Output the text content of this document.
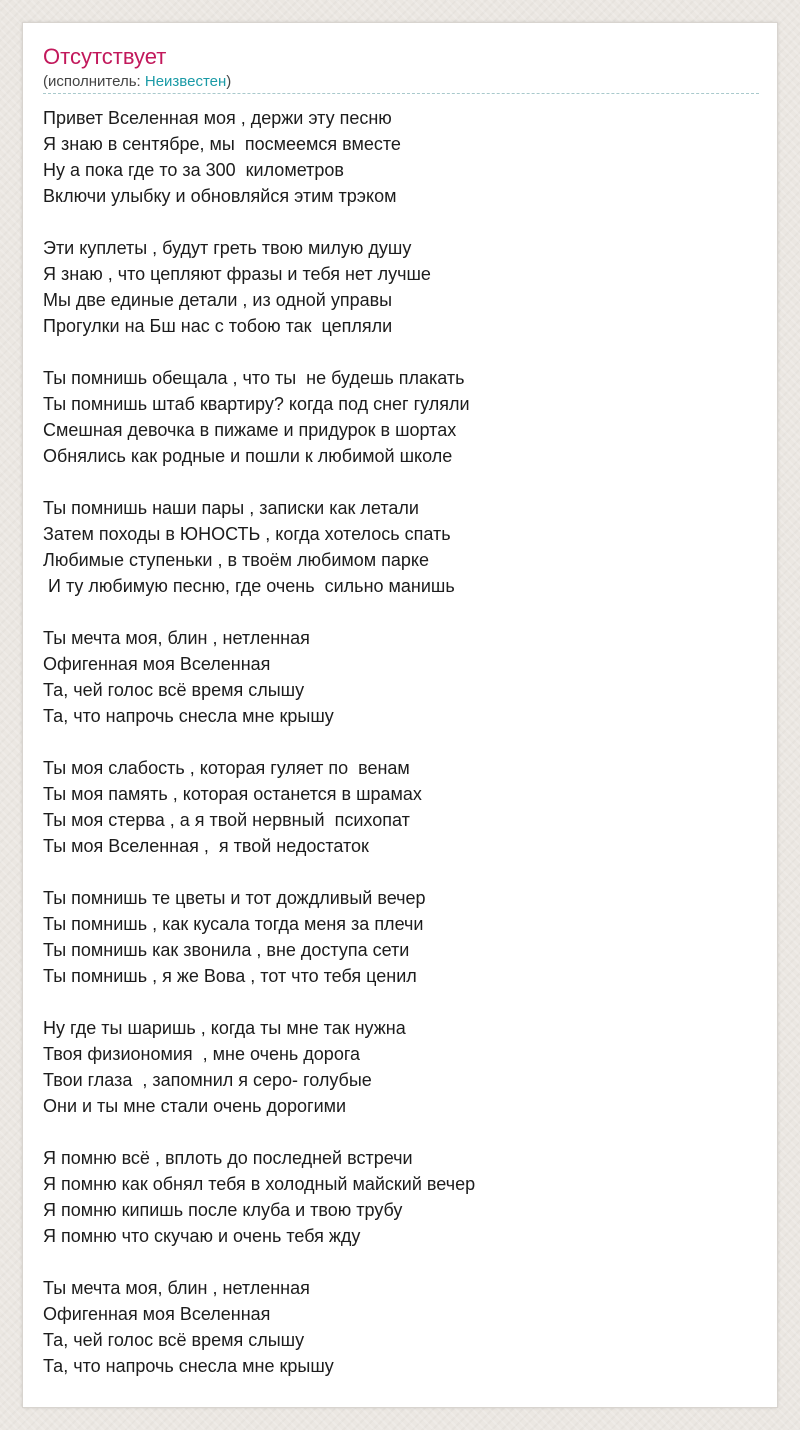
Отсутствует
(исполнитель: Неизвестен)
Привет Вселенная моя , держи эту песню
Я знаю в сентябре, мы  посмеемся вместе
Ну а пока где то за 300  километров
Включи улыбку и обновляйся этим трэком
Эти куплеты , будут греть твою милую душу
Я знаю , что цепляют фразы и тебя нет лучше
Мы две единые детали , из одной управы
Прогулки на Бш нас с тобою так  цепляли
Ты помнишь обещала , что ты  не будешь плакать
Ты помнишь штаб квартиру? когда под снег гуляли
Смешная девочка в пижаме и придурок в шортах
Обнялись как родные и пошли к любимой школе
Ты помнишь наши пары , записки как летали
Затем походы в ЮНОСТЬ , когда хотелось спать
Любимые ступеньки , в твоём любимом парке
И ту любимую песню, где очень  сильно манишь
Ты мечта моя, блин , нетленная
Офигенная моя Вселенная
Та, чей голос всё время слышу
Та, что напрочь снесла мне крышу
Ты моя слабость , которая гуляет по  венам
Ты моя память , которая останется в шрамах
Ты моя стерва , а я твой нервный  психопат
Ты моя Вселенная ,  я твой недостаток
Ты помнишь те цветы и тот дождливый вечер
Ты помнишь , как кусала тогда меня за плечи
Ты помнишь как звонила , вне доступа сети
Ты помнишь , я же Вова , тот что тебя ценил
Ну где ты шаришь , когда ты мне так нужна
Твоя физиономия  , мне очень дорога
Твои глаза  , запомнил я серо- голубые
Они и ты мне стали очень дорогими
Я помню всё , вплоть до последней встречи
Я помню как обнял тебя в холодный майский вечер
Я помню кипишь после клуба и твою трубу
Я помню что скучаю и очень тебя жду
Ты мечта моя, блин , нетленная
Офигенная моя Вселенная
Та, чей голос всё время слышу
Та, что напрочь снесла мне крышу
